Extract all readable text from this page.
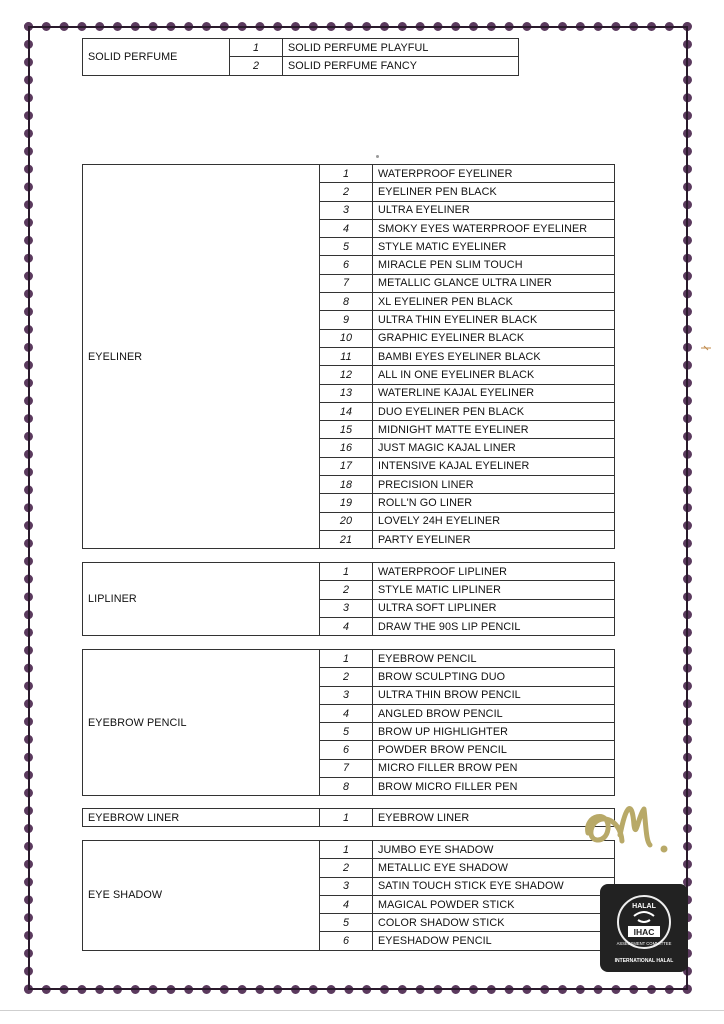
SOLID PERFUME	1	SOLID PERFUME PLAYFUL
	2	SOLID PERFUME FANCY
EYELINER	1	WATERPROOF EYELINER
	2	EYELINER PEN BLACK
	3	ULTRA EYELINER
	4	SMOKY EYES WATERPROOF EYELINER
	5	STYLE MATIC EYELINER
	6	MIRACLE PEN SLIM TOUCH
	7	METALLIC GLANCE ULTRA LINER
	8	XL EYELINER PEN BLACK
	9	ULTRA THIN EYELINER BLACK
	10	GRAPHIC EYELINER BLACK
	11	BAMBI EYES EYELINER BLACK
	12	ALL IN ONE EYELINER BLACK
	13	WATERLINE KAJAL EYELINER
	14	DUO EYELINER PEN BLACK
	15	MIDNIGHT MATTE EYELINER
	16	JUST MAGIC KAJAL LINER
	17	INTENSIVE KAJAL EYELINER
	18	PRECISION LINER
	19	ROLL'N GO LINER
	20	LOVELY 24H EYELINER
	21	PARTY EYELINER
LIPLINER	1	WATERPROOF LIPLINER
	2	STYLE MATIC LIPLINER
	3	ULTRA SOFT LIPLINER
	4	DRAW THE 90S LIP PENCIL
EYEBROW PENCIL	1	EYEBROW PENCIL
	2	BROW SCULPTING DUO
	3	ULTRA THIN BROW PENCIL
	4	ANGLED BROW PENCIL
	5	BROW UP HIGHLIGHTER
	6	POWDER BROW PENCIL
	7	MICRO FILLER BROW PEN
	8	BROW MICRO FILLER PEN
EYEBROW LINER	1	EYEBROW LINER
EYE SHADOW	1	JUMBO EYE SHADOW
	2	METALLIC EYE SHADOW
	3	SATIN TOUCH STICK EYE SHADOW
	4	MAGICAL POWDER STICK
	5	COLOR SHADOW STICK
	6	EYESHADOW PENCIL
HALAL
IHAC
ASSESSMENT COMMITTEE
INTERNATIONAL HALAL
